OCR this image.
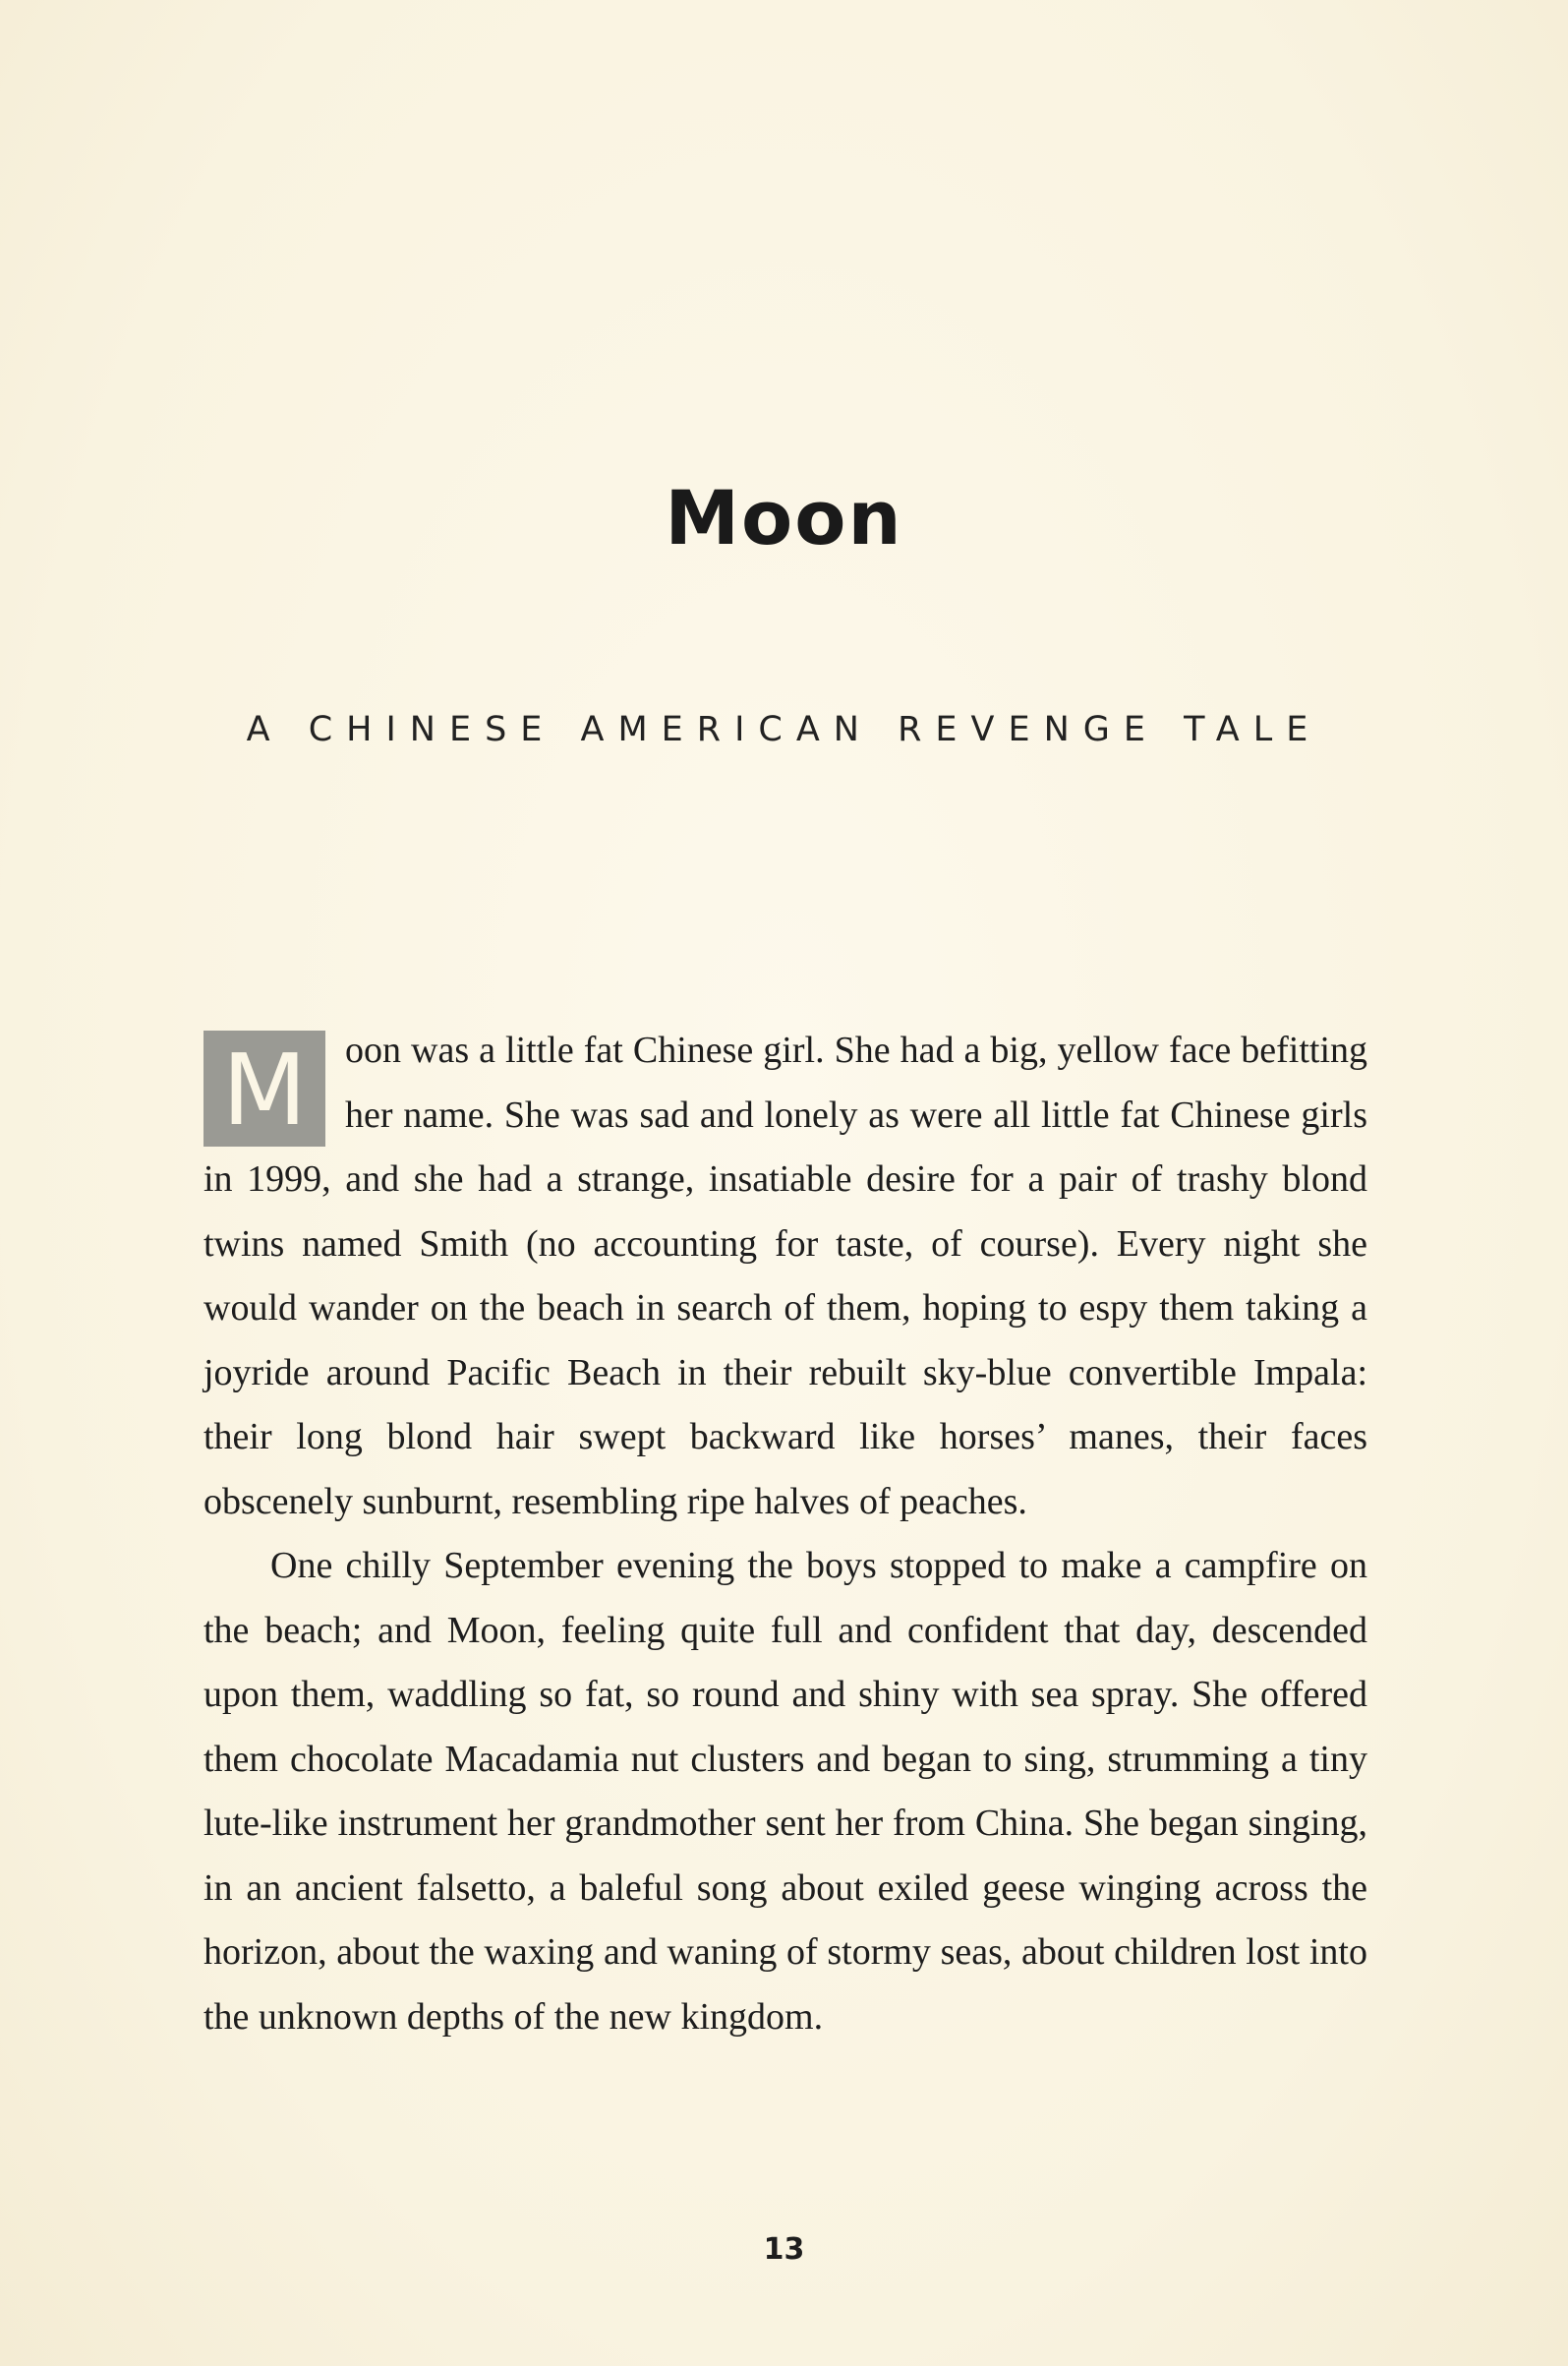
Moon
A CHINESE AMERICAN REVENGE TALE

M	oon was a little fat Chinese girl. She had a big, yellow face befitting her name. She was sad and lonely as were all little fat Chinese girls in 1999, and she had a strange, insatiable desire for a pair of trashy blond twins named Smith (no accounting for taste, of course). Every night she would wander on the beach in search of them, hoping to espy them taking a joyride around Pacific Beach in their rebuilt sky-blue convertible Impala: their long blond hair swept backward like horses’ manes, their faces obscenely sunburnt, resembling ripe halves of peaches.

One chilly September evening the boys stopped to make a campfire on the beach; and Moon, feeling quite full and confident that day, descended upon them, waddling so fat, so round and shiny with sea spray. She offered them chocolate Macadamia nut clusters and began to sing, strumming a tiny lute-like instrument her grandmother sent her from China. She began singing, in an ancient falsetto, a baleful song about exiled geese winging across the horizon, about the waxing and waning of stormy seas, about children lost into the unknown depths of the new kingdom.

13
